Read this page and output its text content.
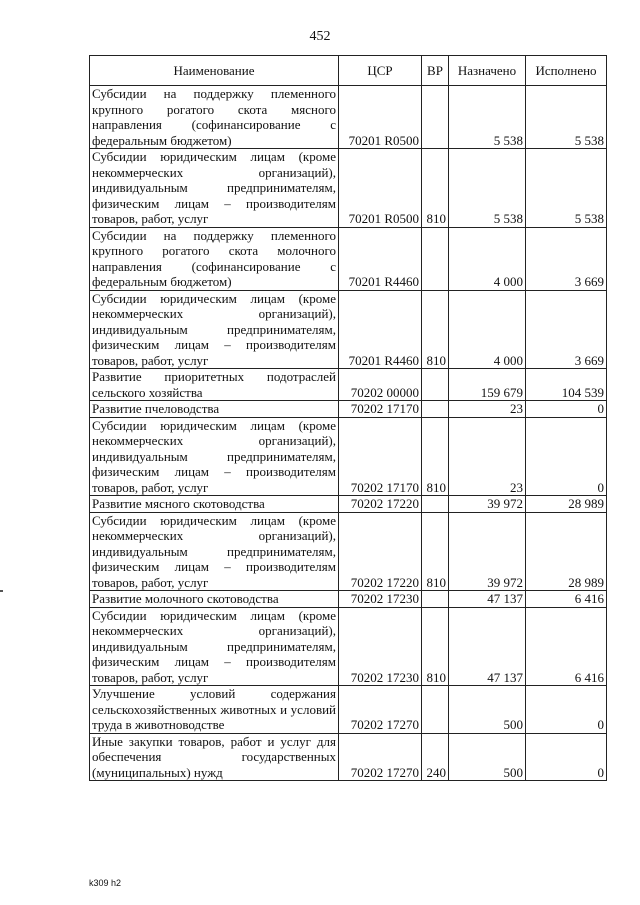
452
Наименование	ЦСР	ВР	Назначено	Исполнено
Субсидии на поддержку племенного крупного рогатого скота мясного направления (софинансирование с федеральным бюджетом)	70201 R0500		5 538	5 538
Субсидии юридическим лицам (кроме некоммерческих организаций), индивидуальным предпринимателям, физическим лицам – производителям товаров, работ, услуг	70201 R0500	810	5 538	5 538
Субсидии на поддержку племенного крупного рогатого скота молочного направления (софинансирование с федеральным бюджетом)	70201 R4460		4 000	3 669
Субсидии юридическим лицам (кроме некоммерческих организаций), индивидуальным предпринимателям, физическим лицам – производителям товаров, работ, услуг	70201 R4460	810	4 000	3 669
Развитие приоритетных подотраслей сельского хозяйства	70202 00000		159 679	104 539
Развитие пчеловодства	70202 17170		23	0
Субсидии юридическим лицам (кроме некоммерческих организаций), индивидуальным предпринимателям, физическим лицам – производителям товаров, работ, услуг	70202 17170	810	23	0
Развитие мясного скотоводства	70202 17220		39 972	28 989
Субсидии юридическим лицам (кроме некоммерческих организаций), индивидуальным предпринимателям, физическим лицам – производителям товаров, работ, услуг	70202 17220	810	39 972	28 989
Развитие молочного скотоводства	70202 17230		47 137	6 416
Субсидии юридическим лицам (кроме некоммерческих организаций), индивидуальным предпринимателям, физическим лицам – производителям товаров, работ, услуг	70202 17230	810	47 137	6 416
Улучшение условий содержания сельскохозяйственных животных и условий труда в животноводстве	70202 17270		500	0
Иные закупки товаров, работ и услуг для обеспечения государственных (муниципальных) нужд	70202 17270	240	500	0
k309 h2
